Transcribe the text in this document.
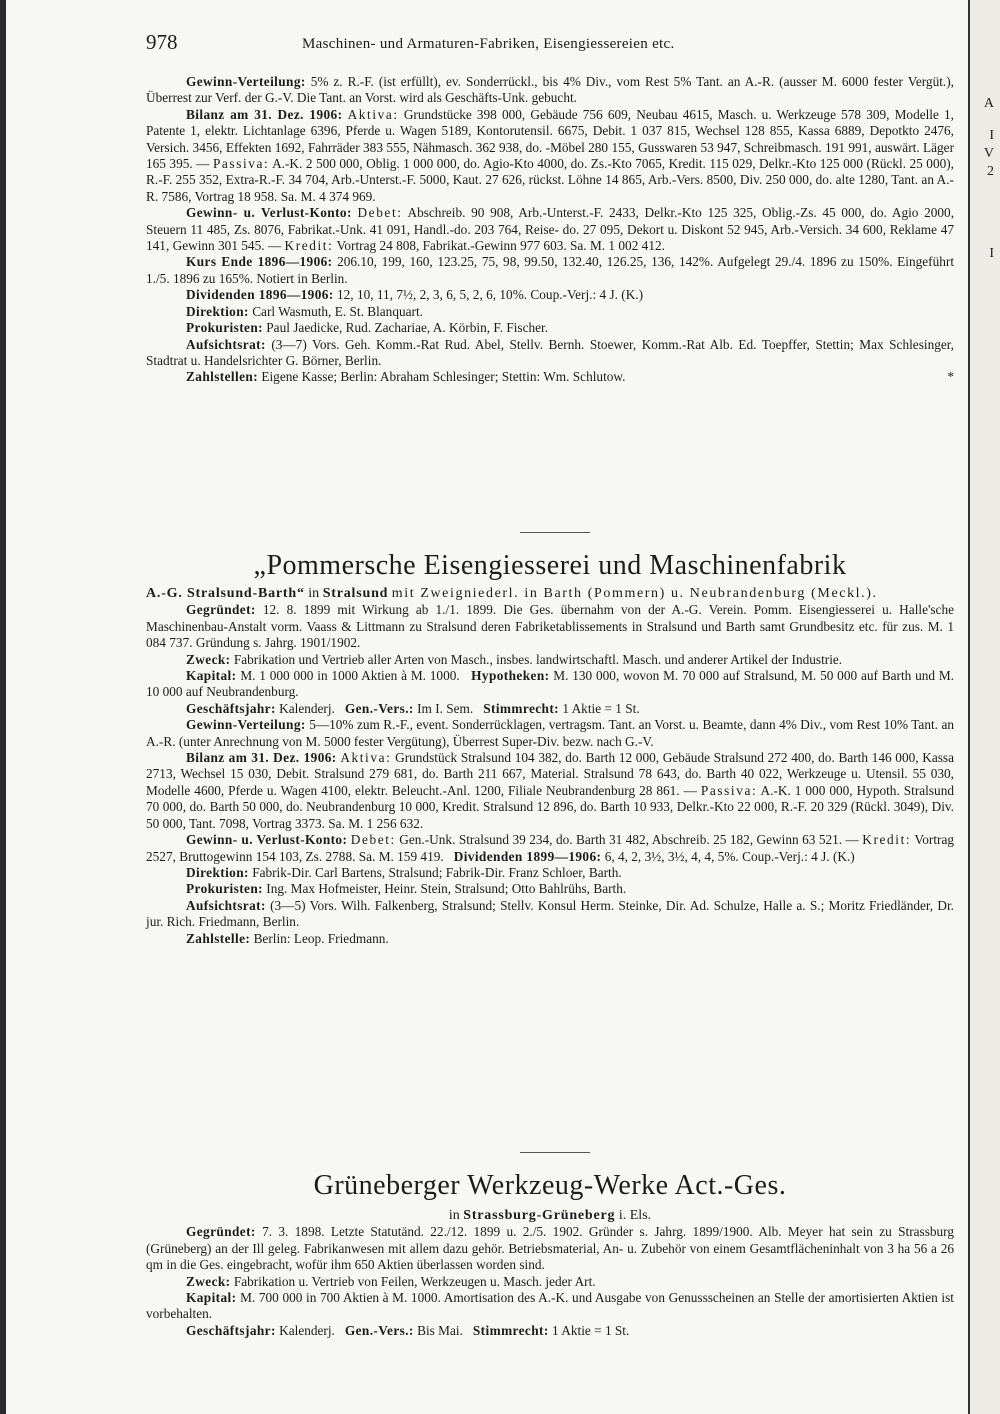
A
I
V
2
I
978	Maschinen- und Armaturen-Fabriken, Eisengiessereien etc.

Gewinn-Verteilung: 5% z. R.-F. (ist erfüllt), ev. Sonderrückl., bis 4% Div., vom Rest 5% Tant. an A.-R. (ausser M. 6000 fester Vergüt.), Überrest zur Verf. der G.-V. Die Tant. an Vorst. wird als Geschäfts-Unk. gebucht.

Bilanz am 31. Dez. 1906: Aktiva: Grundstücke 398 000, Gebäude 756 609, Neubau 4615, Masch. u. Werkzeuge 578 309, Modelle 1, Patente 1, elektr. Lichtanlage 6396, Pferde u. Wagen 5189, Kontorutensil. 6675, Debit. 1 037 815, Wechsel 128 855, Kassa 6889, Depotkto 2476, Versich. 3456, Effekten 1692, Fahrräder 383 555, Nähmasch. 362 938, do. -Möbel 280 155, Gusswaren 53 947, Schreibmasch. 191 991, auswärt. Läger 165 395. — Passiva: A.-K. 2 500 000, Oblig. 1 000 000, do. Agio-Kto 4000, do. Zs.-Kto 7065, Kredit. 115 029, Delkr.-Kto 125 000 (Rückl. 25 000), R.-F. 255 352, Extra-R.-F. 34 704, Arb.-Unterst.-F. 5000, Kaut. 27 626, rückst. Löhne 14 865, Arb.-Vers. 8500, Div. 250 000, do. alte 1280, Tant. an A.-R. 7586, Vortrag 18 958. Sa. M. 4 374 969.

Gewinn- u. Verlust-Konto: Debet: Abschreib. 90 908, Arb.-Unterst.-F. 2433, Delkr.-Kto 125 325, Oblig.-Zs. 45 000, do. Agio 2000, Steuern 11 485, Zs. 8076, Fabrikat.-Unk. 41 091, Handl.-do. 203 764, Reise- do. 27 095, Dekort u. Diskont 52 945, Arb.-Versich. 34 600, Reklame 47 141, Gewinn 301 545. — Kredit: Vortrag 24 808, Fabrikat.-Gewinn 977 603. Sa. M. 1 002 412.

Kurs Ende 1896—1906: 206.10, 199, 160, 123.25, 75, 98, 99.50, 132.40, 126.25, 136, 142%. Aufgelegt 29./4. 1896 zu 150%. Eingeführt 1./5. 1896 zu 165%. Notiert in Berlin.

Dividenden 1896—1906: 12, 10, 11, 7½, 2, 3, 6, 5, 2, 6, 10%. Coup.-Verj.: 4 J. (K.)

Direktion: Carl Wasmuth, E. St. Blanquart.

Prokuristen: Paul Jaedicke, Rud. Zachariae, A. Körbin, F. Fischer.

Aufsichtsrat: (3—7) Vors. Geh. Komm.-Rat Rud. Abel, Stellv. Bernh. Stoewer, Komm.-Rat Alb. Ed. Toepffer, Stettin; Max Schlesinger, Stadtrat u. Handelsrichter G. Börner, Berlin.

Zahlstellen: Eigene Kasse; Berlin: Abraham Schlesinger; Stettin: Wm. Schlutow.	*

„Pommersche Eisengiesserei und Maschinenfabrik
A.-G. Stralsund-Barth“ in Stralsund mit Zweigniederl. in Barth (Pommern) u. Neubrandenburg (Meckl.).

Gegründet: 12. 8. 1899 mit Wirkung ab 1./1. 1899. Die Ges. übernahm von der A.-G. Verein. Pomm. Eisengiesserei u. Halle'sche Maschinenbau-Anstalt vorm. Vaass & Littmann zu Stralsund deren Fabriketablissements in Stralsund und Barth samt Grundbesitz etc. für zus. M. 1 084 737. Gründung s. Jahrg. 1901/1902.

Zweck: Fabrikation und Vertrieb aller Arten von Masch., insbes. landwirtschaftl. Masch. und anderer Artikel der Industrie.

Kapital: M. 1 000 000 in 1000 Aktien à M. 1000. Hypotheken: M. 130 000, wovon M. 70 000 auf Stralsund, M. 50 000 auf Barth und M. 10 000 auf Neubrandenburg.

Geschäftsjahr: Kalenderj. Gen.-Vers.: Im I. Sem. Stimmrecht: 1 Aktie = 1 St.

Gewinn-Verteilung: 5—10% zum R.-F., event. Sonderrücklagen, vertragsm. Tant. an Vorst. u. Beamte, dann 4% Div., vom Rest 10% Tant. an A.-R. (unter Anrechnung von M. 5000 fester Vergütung), Überrest Super-Div. bezw. nach G.-V.

Bilanz am 31. Dez. 1906: Aktiva: Grundstück Stralsund 104 382, do. Barth 12 000, Gebäude Stralsund 272 400, do. Barth 146 000, Kassa 2713, Wechsel 15 030, Debit. Stralsund 279 681, do. Barth 211 667, Material. Stralsund 78 643, do. Barth 40 022, Werkzeuge u. Utensil. 55 030, Modelle 4600, Pferde u. Wagen 4100, elektr. Beleucht.-Anl. 1200, Filiale Neubrandenburg 28 861. — Passiva: A.-K. 1 000 000, Hypoth. Stralsund 70 000, do. Barth 50 000, do. Neubrandenburg 10 000, Kredit. Stralsund 12 896, do. Barth 10 933, Delkr.-Kto 22 000, R.-F. 20 329 (Rückl. 3049), Div. 50 000, Tant. 7098, Vortrag 3373. Sa. M. 1 256 632.

Gewinn- u. Verlust-Konto: Debet: Gen.-Unk. Stralsund 39 234, do. Barth 31 482, Abschreib. 25 182, Gewinn 63 521. — Kredit: Vortrag 2527, Bruttogewinn 154 103, Zs. 2788. Sa. M. 159 419. Dividenden 1899—1906: 6, 4, 2, 3½, 3½, 4, 4, 5%. Coup.-Verj.: 4 J. (K.)

Direktion: Fabrik-Dir. Carl Bartens, Stralsund; Fabrik-Dir. Franz Schloer, Barth.

Prokuristen: Ing. Max Hofmeister, Heinr. Stein, Stralsund; Otto Bahlrühs, Barth.

Aufsichtsrat: (3—5) Vors. Wilh. Falkenberg, Stralsund; Stellv. Konsul Herm. Steinke, Dir. Ad. Schulze, Halle a. S.; Moritz Friedländer, Dr. jur. Rich. Friedmann, Berlin.

Zahlstelle: Berlin: Leop. Friedmann.

Grüneberger Werkzeug-Werke Act.-Ges.
in Strassburg-Grüneberg i. Els.

Gegründet: 7. 3. 1898. Letzte Statutänd. 22./12. 1899 u. 2./5. 1902. Gründer s. Jahrg. 1899/1900. Alb. Meyer hat sein zu Strassburg (Grüneberg) an der Ill geleg. Fabrikanwesen mit allem dazu gehör. Betriebsmaterial, An- u. Zubehör von einem Gesamtflächeninhalt von 3 ha 56 a 26 qm in die Ges. eingebracht, wofür ihm 650 Aktien überlassen worden sind.

Zweck: Fabrikation u. Vertrieb von Feilen, Werkzeugen u. Masch. jeder Art.

Kapital: M. 700 000 in 700 Aktien à M. 1000. Amortisation des A.-K. und Ausgabe von Genussscheinen an Stelle der amortisierten Aktien ist vorbehalten.

Geschäftsjahr: Kalenderj. Gen.-Vers.: Bis Mai. Stimmrecht: 1 Aktie = 1 St.
